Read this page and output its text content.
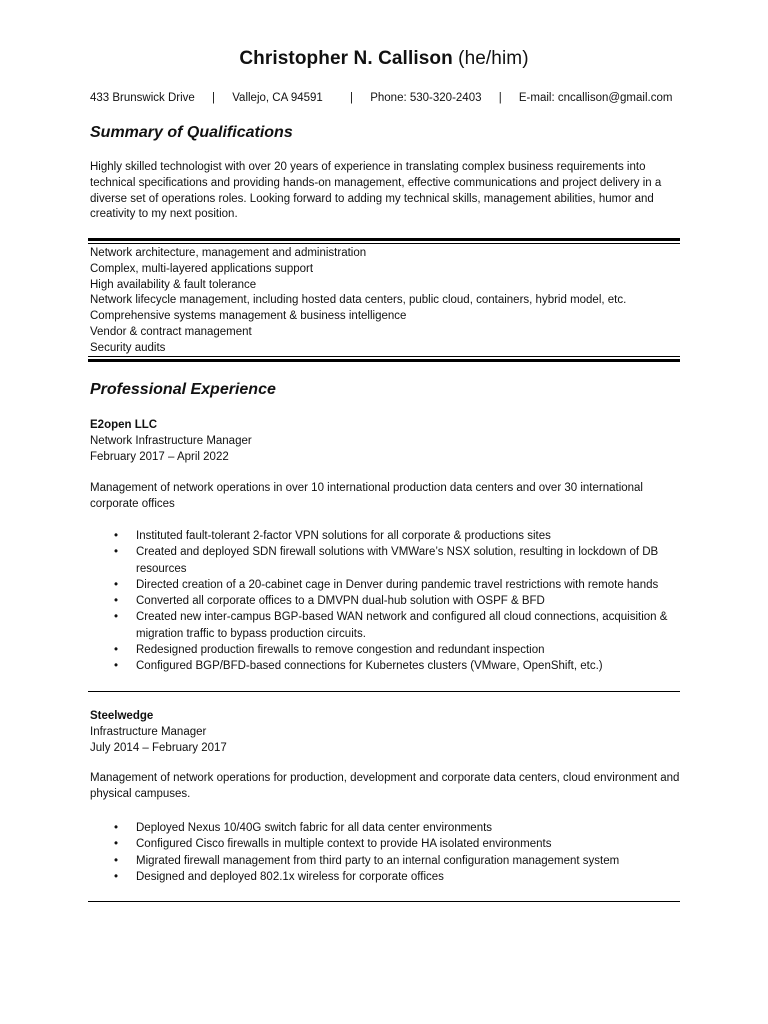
Christopher N. Callison (he/him)
433 Brunswick Drive | Vallejo, CA 94591 | Phone: 530-320-2403 | E-mail: cncallison@gmail.com
Summary of Qualifications
Highly skilled technologist with over 20 years of experience in translating complex business requirements into technical specifications and providing hands-on management, effective communications and project delivery in a diverse set of operations roles. Looking forward to adding my technical skills, management abilities, humor and creativity to my next position.
Network architecture, management and administration
Complex, multi-layered applications support
High availability & fault tolerance
Network lifecycle management, including hosted data centers, public cloud, containers, hybrid model, etc.
Comprehensive systems management & business intelligence
Vendor & contract management
Security audits
Professional Experience
E2open LLC
Network Infrastructure Manager
February 2017 – April 2022
Management of network operations in over 10 international production data centers and over 30 international corporate offices
• Instituted fault-tolerant 2-factor VPN solutions for all corporate & productions sites
• Created and deployed SDN firewall solutions with VMWare’s NSX solution, resulting in lockdown of DB resources
• Directed creation of a 20-cabinet cage in Denver during pandemic travel restrictions with remote hands
• Converted all corporate offices to a DMVPN dual-hub solution with OSPF & BFD
• Created new inter-campus BGP-based WAN network and configured all cloud connections, acquisition & migration traffic to bypass production circuits.
• Redesigned production firewalls to remove congestion and redundant inspection
• Configured BGP/BFD-based connections for Kubernetes clusters (VMware, OpenShift, etc.)
Steelwedge
Infrastructure Manager
July 2014 – February 2017
Management of network operations for production, development and corporate data centers, cloud environment and physical campuses.
• Deployed Nexus 10/40G switch fabric for all data center environments
• Configured Cisco firewalls in multiple context to provide HA isolated environments
• Migrated firewall management from third party to an internal configuration management system
• Designed and deployed 802.1x wireless for corporate offices
